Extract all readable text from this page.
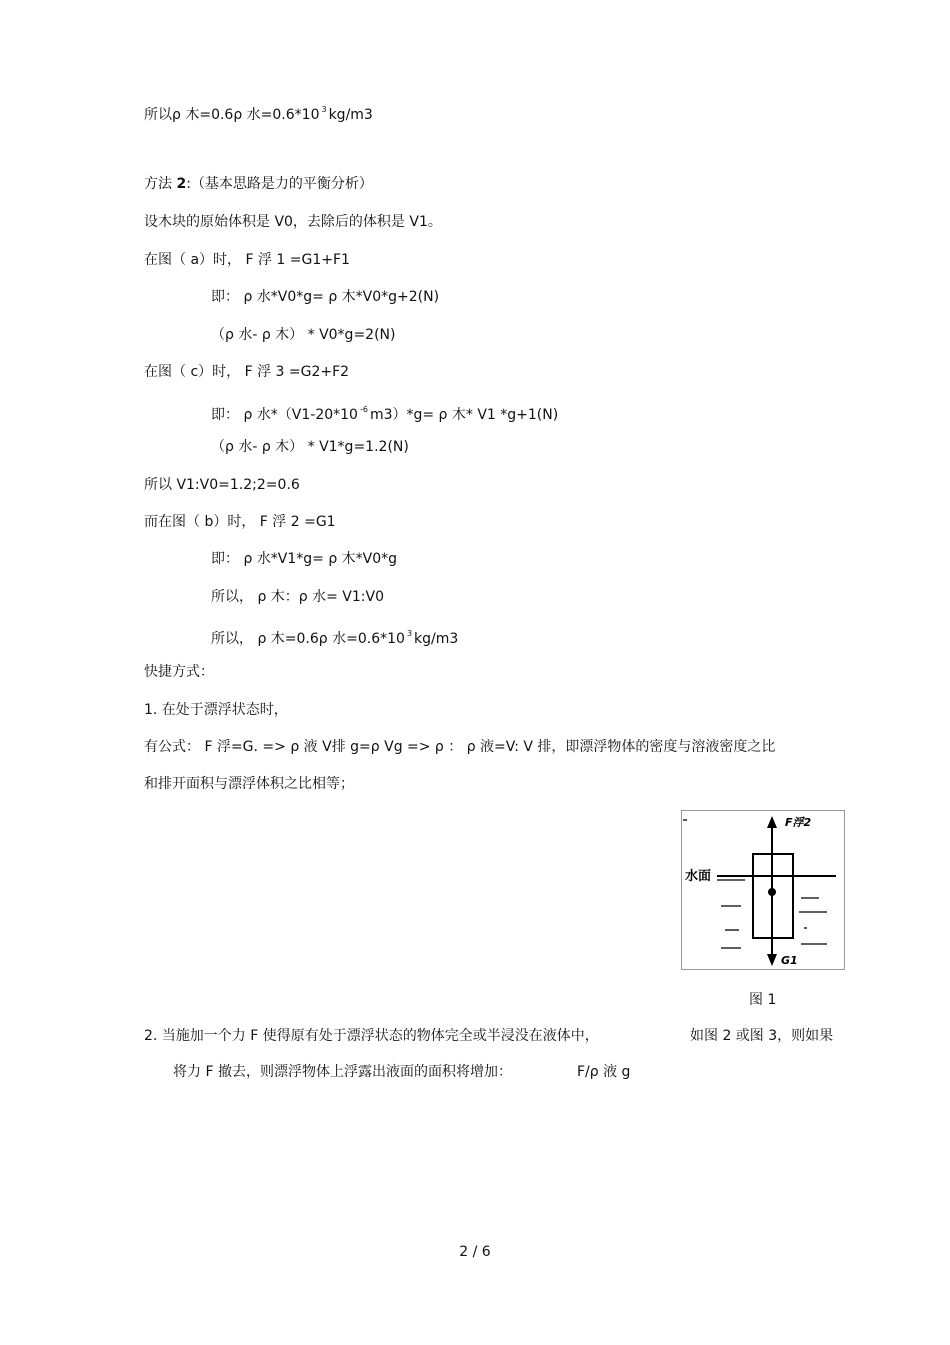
所以ρ 木=0.6ρ 水=0.6*10 $^3$ kg/m3
方法 2:（基本思路是力的平衡分析）
设木块的原始体积是 V0，去除后的体积是 V1。
在图（ a）时， F 浮 1 =G1+F1
即： ρ 水*V0*g= ρ 木*V0*g+2(N)
（ρ 水- ρ 木） * V0*g=2(N)
在图（ c）时， F 浮 3 =G2+F2
即： ρ 水*（V1-20*10 $^{-6}$ m3）*g= ρ 木* V1 *g+1(N)
（ρ 水- ρ 木） * V1*g=1.2(N)
所以 V1:V0=1.2;2=0.6
而在图（ b）时， F 浮 2 =G1
即： ρ 水*V1*g= ρ 木*V0*g
所以， ρ 木：ρ 水= V1:V0
所以， ρ 木=0.6ρ 水=0.6*10 $^3$ kg/m3
快捷方式：
1. 在处于漂浮状态时，
有公式： F 浮=G. => ρ 液 V排 g=ρ Vg => ρ ： ρ 液=V: V 排，即漂浮物体的密度与溶液密度之比
和排开面积与漂浮体积之比相等；
水面
F浮2
G1
图 1
2. 当施加一个力 F 使得原有处于漂浮状态的物体完全或半浸没在液体中，	如图 2 或图 3，则如果
将力 F 撤去，则漂浮物体上浮露出液面的面积将增加：	F/ρ 液 g
2 / 6
